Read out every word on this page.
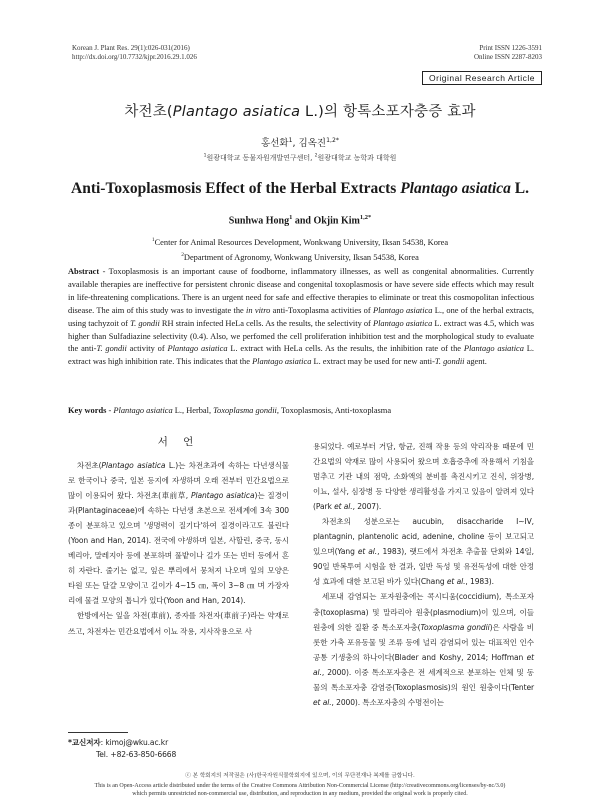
Korean J. Plant Res. 29(1):026-031(2016)
http://dx.doi.org/10.7732/kjpr.2016.29.1.026
Print ISSN 1226-3591
Online ISSN 2287-8203
Original Research Article
차전초(Plantago asiatica L.)의 항톡소포자충증 효과
홍선화$^1$, 김옥진$^{1,2*}$
$^1$원광대학교 동물자원개발연구센터, $^2$원광대학교 농학과 대학원
Anti-Toxoplasmosis Effect of the Herbal Extracts Plantago asiatica L.
Sunhwa Hong$^1$ and Okjin Kim$^{1,2*}$
$^1$Center for Animal Resources Development, Wonkwang University, Iksan 54538, Korea
$^2$Department of Agronomy, Wonkwang University, Iksan 54538, Korea
Abstract - Toxoplasmosis is an important cause of foodborne, inflammatory illnesses, as well as congenital abnormalities. Currently available therapies are ineffective for persistent chronic disease and congenital toxoplasmosis or have severe side effects which may result in life-threatening complications. There is an urgent need for safe and effective therapies to eliminate or treat this cosmopolitan infectious disease. The aim of this study was to investigate the in vitro anti-Toxoplasma activities of Plantago asiatica L., one of the herbal extracts, using tachyzoit of T. gondii RH strain infected HeLa cells. As the results, the selectivity of Plantago asiatica L. extract was 4.5, which was higher than Sulfadiazine selectivity (0.4). Also, we perfomed the cell proliferation inhibition test and the morphological study to evaluate the anti-T. gondii activity of Plantago asiatica L. extract with HeLa cells. As the results, the inhibition rate of the Plantago asiatica L. extract was high inhibition rate. This indicates that the Plantago asiatica L. extract may be used for new anti-T. gondii agent.
Key words - Plantago asiatica L., Herbal, Toxoplasma gondii, Toxoplasmosis, Anti-toxoplasma
서 언

차전초(Plantago asiatica L.)는 차전초과에 속하는 다년생식물로 한국이나 중국, 일본 등지에 자생하며 오래 전부터 민간요법으로 많이 이용되어 왔다. 차전초(車前草, Plantago asiatica)는 질경이과(Plantaginaceae)에 속하는 다년생 초본으로 전세계에 3속 300종이 분포하고 있으며 '생명력이 질기다'하여 질경이라고도 불린다(Yoon and Han, 2014). 전국에 야생하며 일본, 사할린, 중국, 동시베리아, 말레지아 등에 분포하며 풀밭이나 길가 또는 빈터 등에서 흔히 자란다. 줄기는 없고, 잎은 뿌리에서 뭉쳐져 나오며 잎의 모양은 타원 또는 달걀 모양이고 길이가 4~15 ㎝, 폭이 3~8 ㎝ 며 가장자리에 물결 모양의 톱니가 있다(Yoon and Han, 2014).

한방에서는 잎을 차전(車前), 종자를 차전자(車前子)라는 약재로 쓰고, 차전자는 민간요법에서 이뇨 작용, 지사작용으로 사

*교신저자: kimoj@wku.ac.kr
Tel. +82-63-850-6668

용되었다. 예로부터 거담, 항균, 진해 작용 등의 약리작용 때문에 민간요법의 약재로 많이 사용되어 왔으며 호흡증추에 작용해서 기침을 멈추고 기관 내의 점막, 소화액의 분비를 촉진시키고 진식, 위장병, 이뇨, 설사, 심장병 등 다양한 생리활성을 가지고 있음이 알려져 있다(Park et al., 2007).

차전초의 성분으로는 aucubin, disaccharide I~IV, plantagnin, plantenolic acid, adenine, choline 등이 보고되고 있으며(Yang et al., 1983), 랫드에서 차전초 추출물 단회와 14일, 90일 반복투여 시험을 한 결과, 일반 독성 및 유전독성에 대한 안정성 효과에 대한 보고된 바가 있다(Chang et al., 1983).

세포내 감염되는 포자원충에는 콕시디움(coccidium), 톡소포자충(toxoplasma) 및 말라리아 원충(plasmodium)이 있으며, 이들 원충에 의한 질환 중 톡소포자충(Toxoplasma gondii)은 사람을 비롯한 가축 포유동물 및 조류 등에 널리 감염되어 있는 대표적인 인수공통 기생충의 하나이다(Blader and Koshy, 2014; Hoffman et al., 2000). 이중 톡소포자충은 전 세계적으로 분포하는 인체 및 동물의 톡소포자충 감염증(Toxoplasmosis)의 원인 원충이다(Tenter et al., 2000). 톡소포자충의 수명전이는

ⓒ 본 학회지의 저작권은 (사)한국자원식물학회지에 있으며, 이의 무단전재나 복제를 금합니다.
This is an Open-Access article distributed under the terms of the Creative Commons Attribution Non-Commercial License (http://creativecommons.org/licenses/by-nc/3.0)
which permits unrestricted non-commercial use, distribution, and reproduction in any medium, provided the original work is properly cited.
